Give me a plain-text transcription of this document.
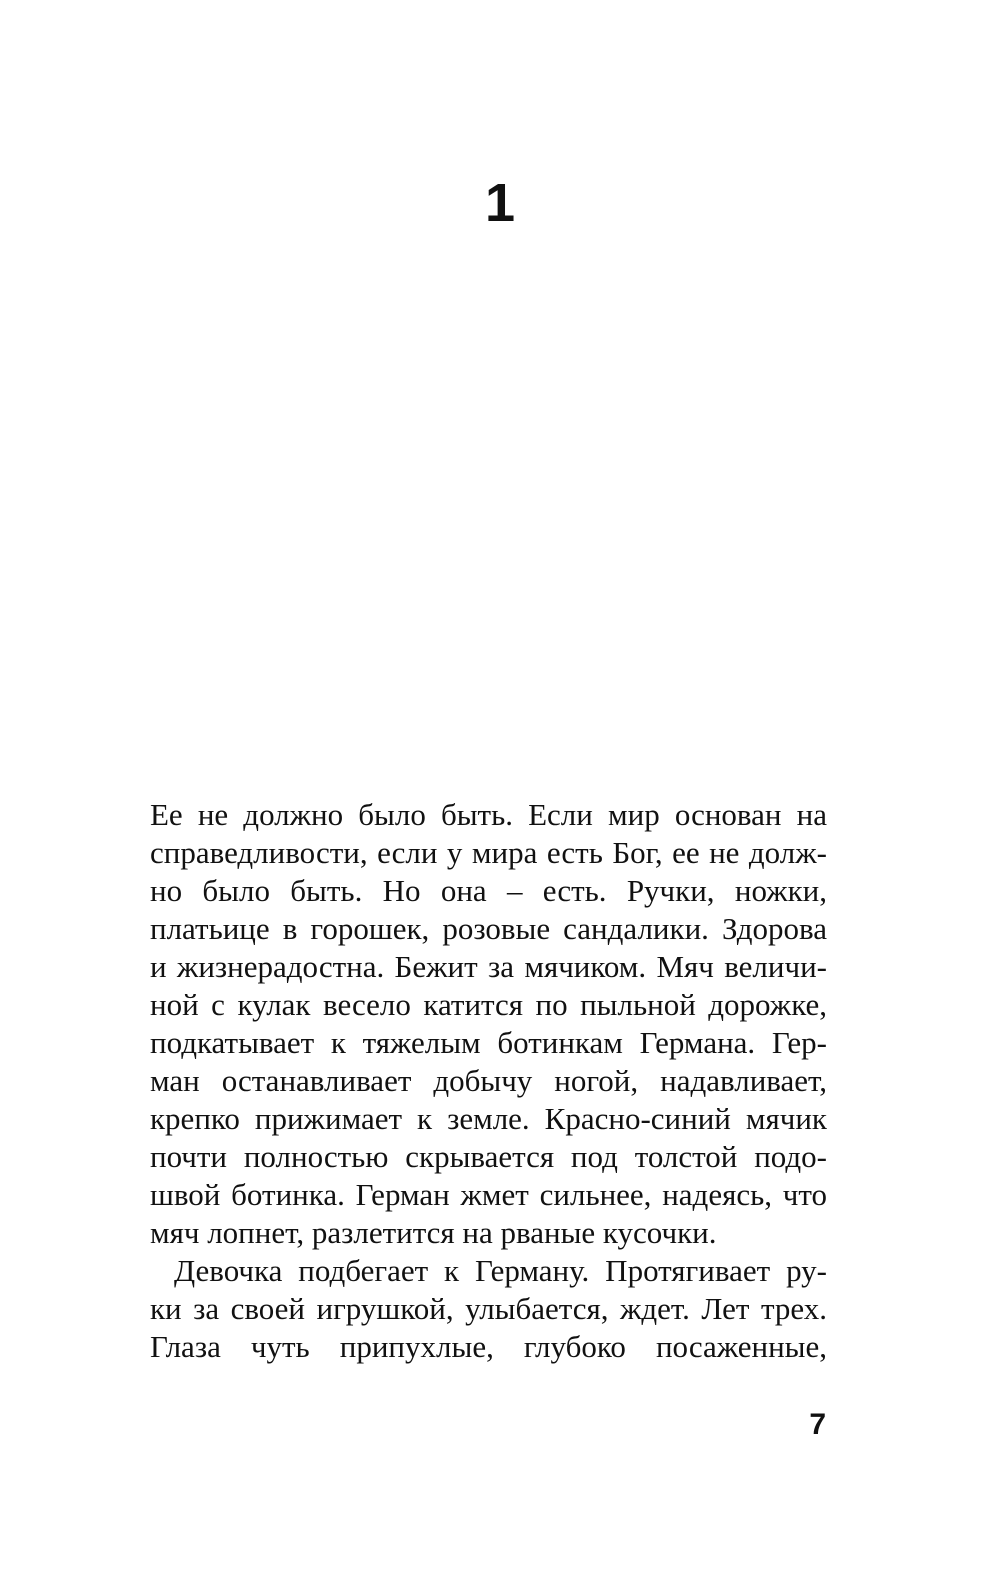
1

Ее не должно было быть. Если мир основан на
справедливости, если у мира есть Бог, ее не долж-
но было быть. Но она – есть. Ручки, ножки,
платьице в горошек, розовые сандалики. Здорова
и жизнерадостна. Бежит за мячиком. Мяч величи-
ной с кулак весело катится по пыльной дорожке,
подкатывает к тяжелым ботинкам Германа. Гер-
ман останавливает добычу ногой, надавливает,
крепко прижимает к земле. Красно-синий мячик
почти полностью скрывается под толстой подо-
швой ботинка. Герман жмет сильнее, надеясь, что
мяч лопнет, разлетится на рваные кусочки.

Девочка подбегает к Герману. Протягивает ру-
ки за своей игрушкой, улыбается, ждет. Лет трех.
Глаза чуть припухлые, глубоко посаженные,

7
